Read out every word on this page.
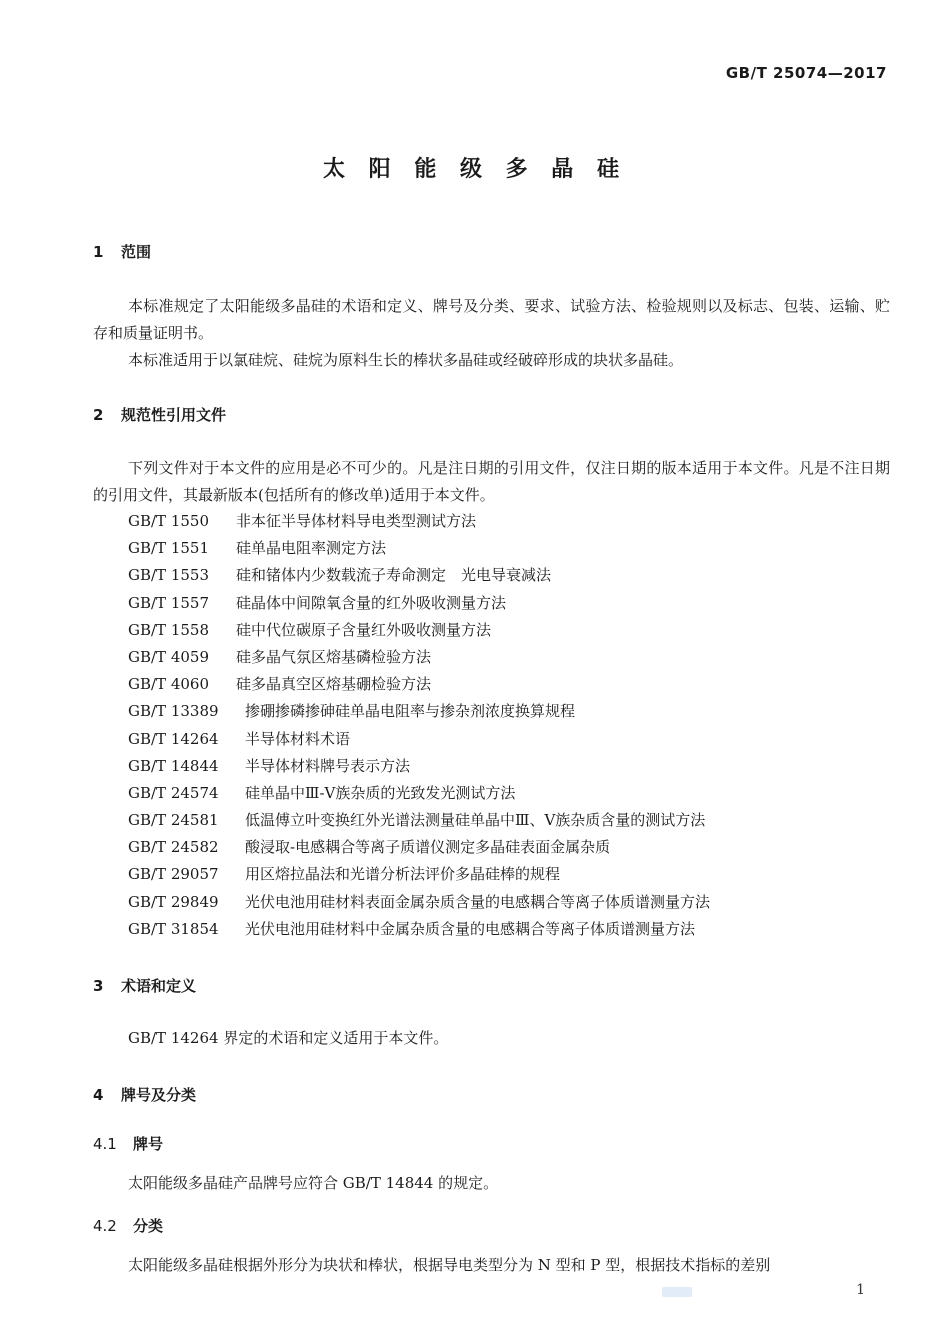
GB/T 25074—2017
太 阳 能 级 多 晶 硅
1 范围

本标准规定了太阳能级多晶硅的术语和定义、牌号及分类、要求、试验方法、检验规则以及标志、包装、运输、贮存和质量证明书。

本标准适用于以氯硅烷、硅烷为原料生长的棒状多晶硅或经破碎形成的块状多晶硅。

2 规范性引用文件

下列文件对于本文件的应用是必不可少的。凡是注日期的引用文件，仅注日期的版本适用于本文件。凡是不注日期的引用文件，其最新版本(包括所有的修改单)适用于本文件。

GB/T 1550 非本征半导体材料导电类型测试方法
GB/T 1551 硅单晶电阻率测定方法
GB/T 1553 硅和锗体内少数载流子寿命测定　光电导衰减法
GB/T 1557 硅晶体中间隙氧含量的红外吸收测量方法
GB/T 1558 硅中代位碳原子含量红外吸收测量方法
GB/T 4059 硅多晶气氛区熔基磷检验方法
GB/T 4060 硅多晶真空区熔基硼检验方法
GB/T 13389 掺硼掺磷掺砷硅单晶电阻率与掺杂剂浓度换算规程
GB/T 14264 半导体材料术语
GB/T 14844 半导体材料牌号表示方法
GB/T 24574 硅单晶中Ⅲ-Ⅴ族杂质的光致发光测试方法
GB/T 24581 低温傅立叶变换红外光谱法测量硅单晶中Ⅲ、Ⅴ族杂质含量的测试方法
GB/T 24582 酸浸取-电感耦合等离子质谱仪测定多晶硅表面金属杂质
GB/T 29057 用区熔拉晶法和光谱分析法评价多晶硅棒的规程
GB/T 29849 光伏电池用硅材料表面金属杂质含量的电感耦合等离子体质谱测量方法
GB/T 31854 光伏电池用硅材料中金属杂质含量的电感耦合等离子体质谱测量方法
3 术语和定义
GB/T 14264 界定的术语和定义适用于本文件。
4 牌号及分类
4.1 牌号
太阳能级多晶硅产品牌号应符合 GB/T 14844 的规定。
4.2 分类
太阳能级多晶硅根据外形分为块状和棒状，根据导电类型分为 N 型和 P 型，根据技术指标的差别
1
